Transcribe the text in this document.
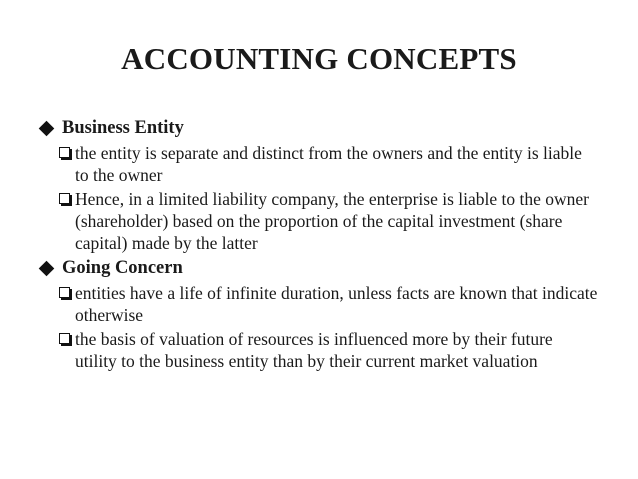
ACCOUNTING CONCEPTS
Business Entity
the entity is separate and distinct from the owners and the entity is liable to the owner
Hence, in a limited liability company, the enterprise is liable to the owner (shareholder) based on the proportion of the capital investment (share capital) made by the latter
Going Concern
entities have a life of infinite duration, unless facts are known that indicate otherwise
the basis of valuation of resources is influenced more by their future utility to the business entity than by their current market valuation
